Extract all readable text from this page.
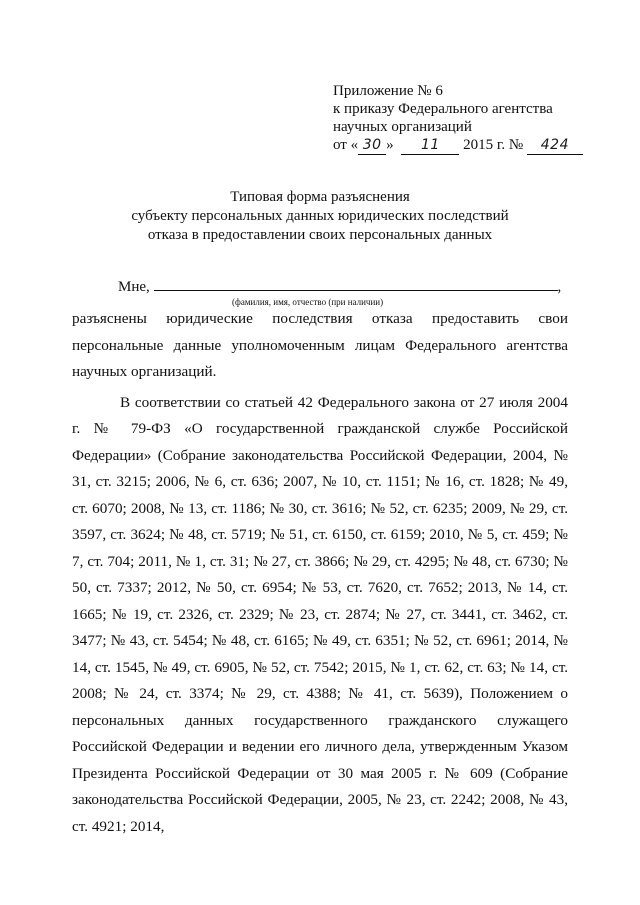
Приложение № 6
к приказу Федерального агентства
научных организаций
от « 30 » 11 2015 г. № 424
Типовая форма разъяснения
субъекту персональных данных юридических последствий
отказа в предоставлении своих персональных данных
Мне,	,
(фамилия, имя, отчество (при наличии)
разъяснены юридические последствия отказа предоставить свои

персональные данные уполномоченным лицам Федерального агентства научных организаций.

В соответствии со статьей 42 Федерального закона от 27 июля 2004 г. № 79-ФЗ «О государственной гражданской службе Российской Федерации» (Собрание законодательства Российской Федерации, 2004, № 31, ст. 3215; 2006, № 6, ст. 636; 2007, № 10, ст. 1151; № 16, ст. 1828; № 49, ст. 6070; 2008, № 13, ст. 1186; № 30, ст. 3616; № 52, ст. 6235; 2009, № 29, ст. 3597, ст. 3624; № 48, ст. 5719; № 51, ст. 6150, ст. 6159; 2010, № 5, ст. 459; № 7, ст. 704; 2011, № 1, ст. 31; № 27, ст. 3866; № 29, ст. 4295; № 48, ст. 6730; № 50, ст. 7337; 2012, № 50, ст. 6954; № 53, ст. 7620, ст. 7652; 2013, № 14, ст. 1665; № 19, ст. 2326, ст. 2329; № 23, ст. 2874; № 27, ст. 3441, ст. 3462, ст. 3477; № 43, ст. 5454; № 48, ст. 6165; № 49, ст. 6351; № 52, ст. 6961; 2014, № 14, ст. 1545, № 49, ст. 6905, № 52, ст. 7542; 2015, № 1, ст. 62, ст. 63; № 14, ст. 2008; № 24, ст. 3374; № 29, ст. 4388; № 41, ст. 5639), Положением о персональных данных государственного гражданского служащего Российской Федерации и ведении его личного дела, утвержденным Указом Президента Российской Федерации от 30 мая 2005 г. № 609 (Собрание законодательства Российской Федерации, 2005, № 23, ст. 2242; 2008, № 43, ст. 4921; 2014,
